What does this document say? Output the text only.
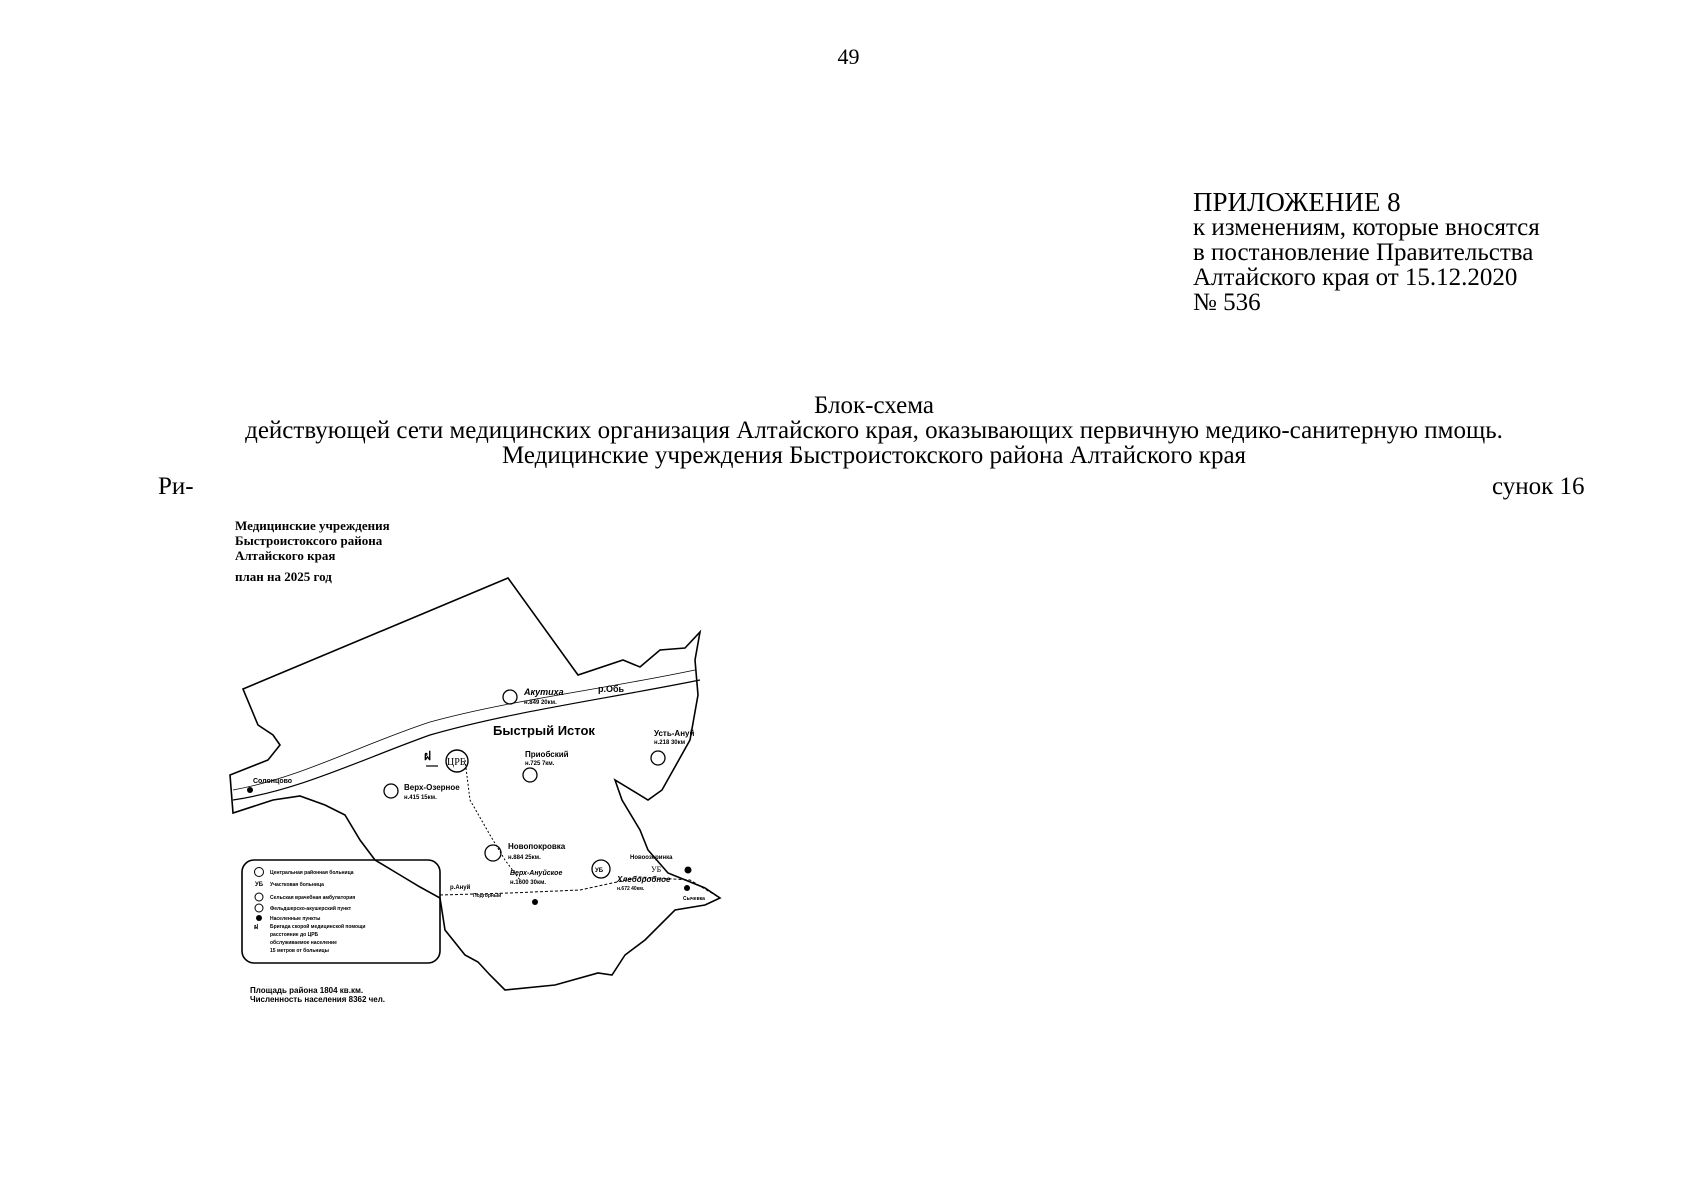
49
ПРИЛОЖЕНИЕ 8
к изменениям, которые вносятся
в постановление Правительства
Алтайского края от 15.12.2020
№ 536
Блок-схема
действующей сети медицинских организация Алтайского края, оказывающих первичную медико-санитерную пмощь.
Медицинские учреждения Быстроистокского района Алтайского края
Ри-	сунок 16
Медицинские учреждения
Быстроистоксого района
Алтайского края
план на 2025 год
р.Обь
р.Ануй
Быстрый Исток
ฝ ЦРБ
Акутиха
н.849 20км.
Усть-Ануй
н.218 30км
Приобский
н.725 7км.
Верх-Озерное
н.415 15км.
Солонцово
Новопокровка
н.884 25км.
Верх-Ануйское
н.1600 30км.
УБ
Новоозеринка
УБ
Хлеборобное
н.672 40км.
Подгорный	Сычевка
Центральная районная больница
УБ Участковая больница
Сельская врачебная амбулатория
Фельдшерско-акушерский пункт
Населенные пункты
ฝ Бригада скорой медицинской помощи
расстояние до ЦРБ
обслуживаемое население
15 метров от больницы
Площадь района 1804 кв.км.
Численность населения 8362 чел.
